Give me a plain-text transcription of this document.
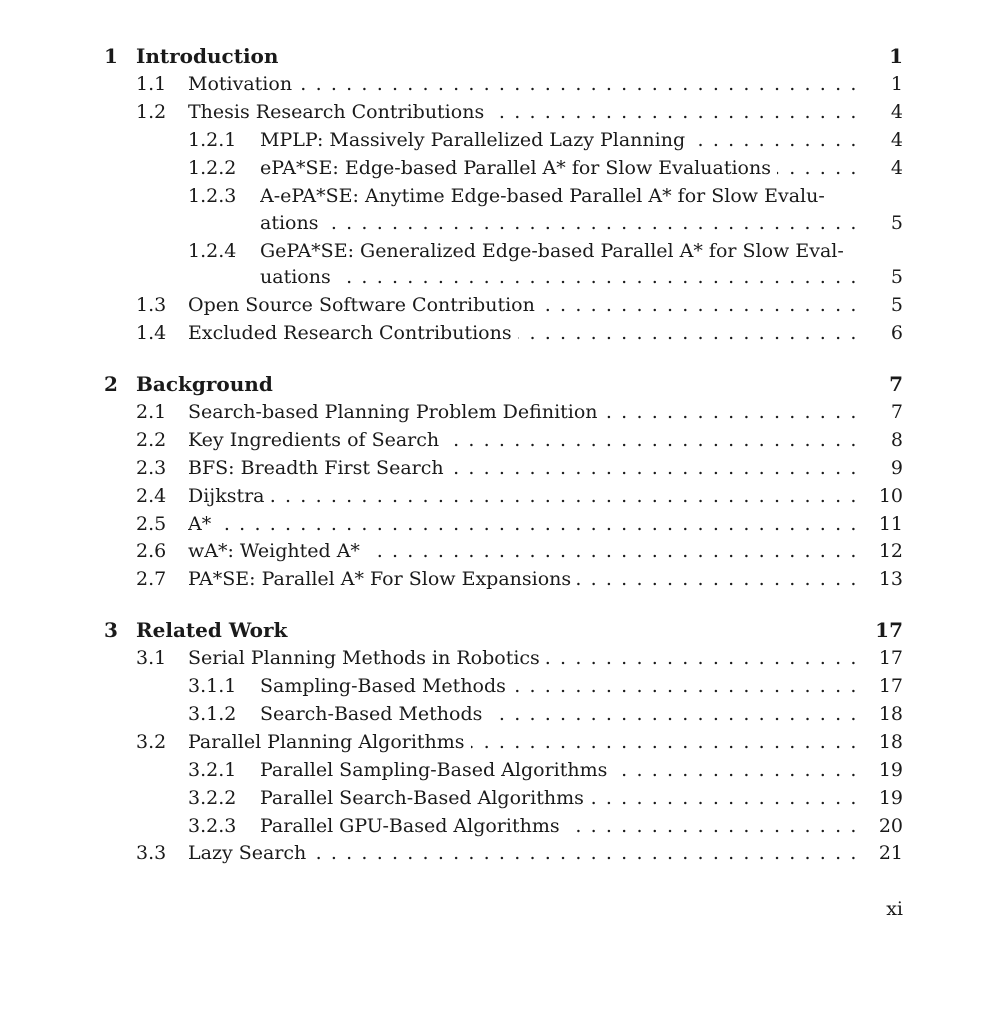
1 Introduction	1
1.1 Motivation . . .	1
1.2 Thesis Research Contributions . . .	4
1.2.1 MPLP: Massively Parallelized Lazy Planning . . .	4
1.2.2 ePA*SE: Edge-based Parallel A* for Slow Evaluations . . .	4
1.2.3 A-ePA*SE: Anytime Edge-based Parallel A* for Slow Evalu-
ations . . .	5
1.2.4 GePA*SE: Generalized Edge-based Parallel A* for Slow Eval-
uations . . .	5
1.3 Open Source Software Contribution . . .	5
1.4 Excluded Research Contributions . . .	6
2 Background	7
2.1 Search-based Planning Problem Definition . . .	7
2.2 Key Ingredients of Search . . .	8
2.3 BFS: Breadth First Search . . .	9
2.4 Dijkstra . . .	10
2.5 A* . . .	11
2.6 wA*: Weighted A* . . .	12
2.7 PA*SE: Parallel A* For Slow Expansions . . .	13
3 Related Work	17
3.1 Serial Planning Methods in Robotics . . .	17
3.1.1 Sampling-Based Methods . . .	17
3.1.2 Search-Based Methods . . .	18
3.2 Parallel Planning Algorithms . . .	18
3.2.1 Parallel Sampling-Based Algorithms . . .	19
3.2.2 Parallel Search-Based Algorithms . . .	19
3.2.3 Parallel GPU-Based Algorithms . . .	20
3.3 Lazy Search . . .	21
xi
